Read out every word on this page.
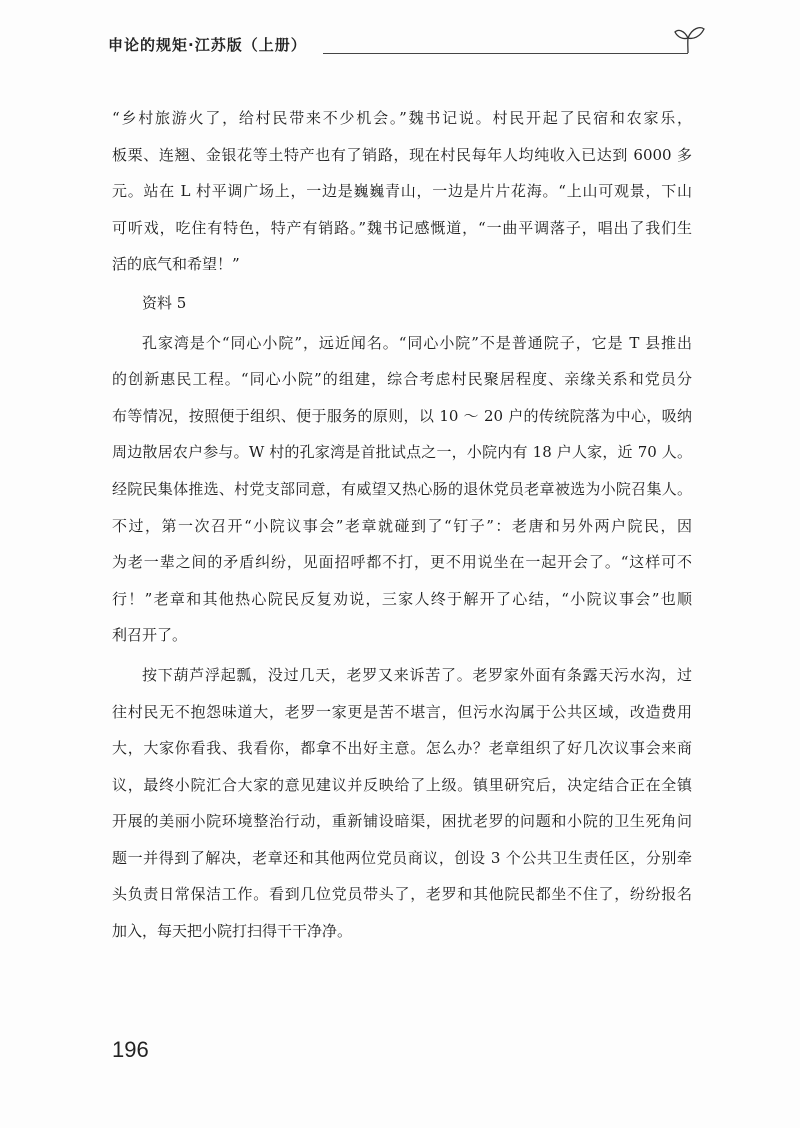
申论的规矩·江苏版（上册）
“乡村旅游火了，给村民带来不少机会。”魏书记说。村民开起了民宿和农家乐，
板栗、连翘、金银花等土特产也有了销路，现在村民每年人均纯收入已达到 6000 多
元。站在 L 村平调广场上，一边是巍巍青山，一边是片片花海。“上山可观景，下山
可听戏，吃住有特色，特产有销路。”魏书记感慨道，“一曲平调落子，唱出了我们生
活的底气和希望！”
资料 5
孔家湾是个“同心小院”，远近闻名。“同心小院”不是普通院子，它是 T 县推出
的创新惠民工程。“同心小院”的组建，综合考虑村民聚居程度、亲缘关系和党员分
布等情况，按照便于组织、便于服务的原则，以 10 ～ 20 户的传统院落为中心，吸纳
周边散居农户参与。W 村的孔家湾是首批试点之一，小院内有 18 户人家，近 70 人。
经院民集体推选、村党支部同意，有威望又热心肠的退休党员老章被选为小院召集人。
不过，第一次召开“小院议事会”老章就碰到了“钉子”：老唐和另外两户院民，因
为老一辈之间的矛盾纠纷，见面招呼都不打，更不用说坐在一起开会了。“这样可不
行！”老章和其他热心院民反复劝说，三家人终于解开了心结，“小院议事会”也顺
利召开了。
按下葫芦浮起瓢，没过几天，老罗又来诉苦了。老罗家外面有条露天污水沟，过
往村民无不抱怨味道大，老罗一家更是苦不堪言，但污水沟属于公共区域，改造费用
大，大家你看我、我看你，都拿不出好主意。怎么办？老章组织了好几次议事会来商
议，最终小院汇合大家的意见建议并反映给了上级。镇里研究后，决定结合正在全镇
开展的美丽小院环境整治行动，重新铺设暗渠，困扰老罗的问题和小院的卫生死角问
题一并得到了解决，老章还和其他两位党员商议，创设 3 个公共卫生责任区，分别牵
头负责日常保洁工作。看到几位党员带头了，老罗和其他院民都坐不住了，纷纷报名
加入，每天把小院打扫得干干净净。
196
